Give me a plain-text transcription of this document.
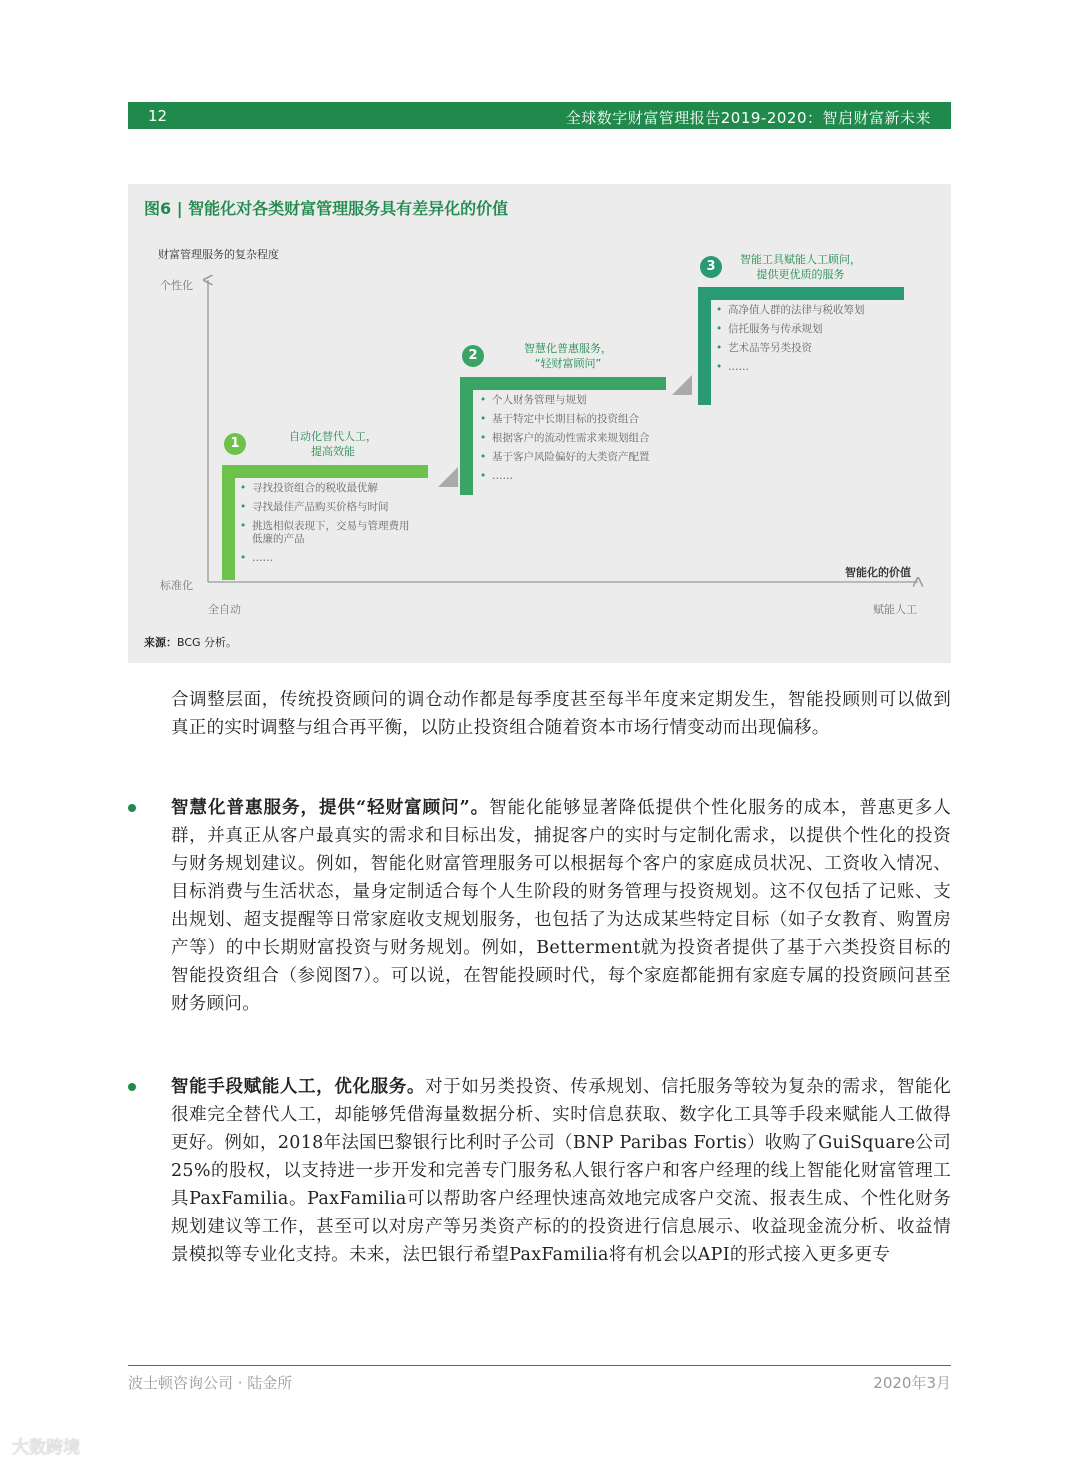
12	全球数字财富管理报告2019-2020：智启财富新未来
图6 | 智能化对各类财富管理服务具有差异化的价值
财富管理服务的复杂程度
个性化
标准化
全自动	赋能人工
智能化的价值
1	自动化替代人工，
提高效能
• 寻找投资组合的税收最优解
• 寻找最佳产品购买价格与时间
• 挑选相似表现下，交易与管理费用低廉的产品
• ……
2	智慧化普惠服务，
“轻财富顾问”
• 个人财务管理与规划
• 基于特定中长期目标的投资组合
• 根据客户的流动性需求来规划组合
• 基于客户风险偏好的大类资产配置
• ……
3	智能工具赋能人工顾问，
提供更优质的服务
• 高净值人群的法律与税收筹划
• 信托服务与传承规划
• 艺术品等另类投资
• ……
来源：BCG 分析。
合调整层面，传统投资顾问的调仓动作都是每季度甚至每半年度来定期发生，智能投顾则可以做到真正的实时调整与组合再平衡，以防止投资组合随着资本市场行情变动而出现偏移。
智慧化普惠服务，提供“轻财富顾问”。智能化能够显著降低提供个性化服务的成本，普惠更多人群，并真正从客户最真实的需求和目标出发，捕捉客户的实时与定制化需求，以提供个性化的投资与财务规划建议。例如，智能化财富管理服务可以根据每个客户的家庭成员状况、工资收入情况、目标消费与生活状态，量身定制适合每个人生阶段的财务管理与投资规划。这不仅包括了记账、支出规划、超支提醒等日常家庭收支规划服务，也包括了为达成某些特定目标（如子女教育、购置房产等）的中长期财富投资与财务规划。例如，Betterment就为投资者提供了基于六类投资目标的智能投资组合（参阅图7）。可以说，在智能投顾时代，每个家庭都能拥有家庭专属的投资顾问甚至财务顾问。
智能手段赋能人工，优化服务。对于如另类投资、传承规划、信托服务等较为复杂的需求，智能化很难完全替代人工，却能够凭借海量数据分析、实时信息获取、数字化工具等手段来赋能人工做得更好。例如，2018年法国巴黎银行比利时子公司（BNP Paribas Fortis）收购了GuiSquare公司25%的股权，以支持进一步开发和完善专门服务私人银行客户和客户经理的线上智能化财富管理工具PaxFamilia。PaxFamilia可以帮助客户经理快速高效地完成客户交流、报表生成、个性化财务规划建议等工作，甚至可以对房产等另类资产标的的投资进行信息展示、收益现金流分析、收益情景模拟等专业化支持。未来，法巴银行希望PaxFamilia将有机会以API的形式接入更多更专
波士顿咨询公司 · 陆金所	2020年3月
大数跨境
